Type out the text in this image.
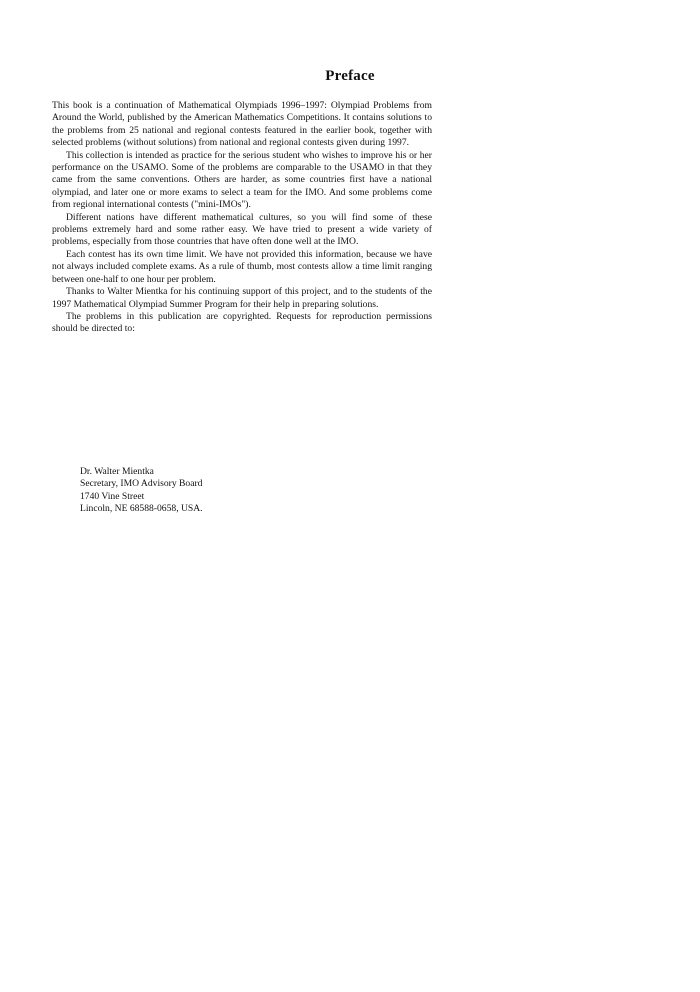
Preface

This book is a continuation of Mathematical Olympiads 1996–1997: Olympiad Problems from Around the World, published by the American Mathematics Competitions. It contains solutions to the problems from 25 national and regional contests featured in the earlier book, together with selected problems (without solutions) from national and regional contests given during 1997.

This collection is intended as practice for the serious student who wishes to improve his or her performance on the USAMO. Some of the problems are comparable to the USAMO in that they came from the same conventions. Others are harder, as some countries first have a national olympiad, and later one or more exams to select a team for the IMO. And some problems come from regional international contests ("mini-IMOs").

Different nations have different mathematical cultures, so you will find some of these problems extremely hard and some rather easy. We have tried to present a wide variety of problems, especially from those countries that have often done well at the IMO.

Each contest has its own time limit. We have not provided this information, because we have not always included complete exams. As a rule of thumb, most contests allow a time limit ranging between one-half to one hour per problem.

Thanks to Walter Mientka for his continuing support of this project, and to the students of the 1997 Mathematical Olympiad Summer Program for their help in preparing solutions.

The problems in this publication are copyrighted. Requests for reproduction permissions should be directed to:

Dr. Walter Mientka
Secretary, IMO Advisory Board
1740 Vine Street
Lincoln, NE 68588-0658, USA.
